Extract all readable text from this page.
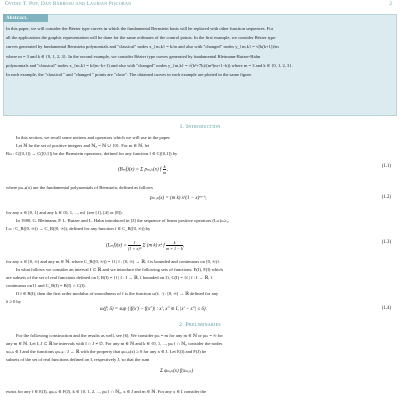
Ovidiu T. Pop, Dan Bărbosu and Laurian Pișcoran	2
Abstract.
In this paper, we will consider the Bézier type curves in which the fundamental Bernstein basis will be replaced with other function sequences. For
all the applications the graphic representation will be done for the same ordinates of the control points. In the first example, we consider Bézier type
curves generated by fundamental Bernstein polynomials and "classical" nodes x_{m,k} = k/m and also with "changed" nodes y_{m,k} = √(k(k+1))/m
where m = 3 and k ∈ {0, 1, 2, 3}. In the second example, we consider Bézier type curves generated by fundamental Bleimann-Butzer-Hahn
polynomials and "classical" nodes x_{m,k} = k/(m−k+1) and also with "changed" nodes y_{m,k} = √(k²+7k)/(m²(m+1−k)) where m = 3 and k ∈ {0, 1, 2, 3}.
In each example, the "classical " and "changed " points are "close". The obtained curves in each example are plotted in the same figure.
1. Introduction
In this section, we recall some notions and operators which we will use in the paper.
Let ℕ be the set of positive integers and ℕ₀ = ℕ ∪ {0}. For m ∈ ℕ, let
Bₘ : C([0,1]) → C([0,1]) be the Bernstein operators, defined for any function f ∈ C([0,1]) by
(Bₘf)(x) = Σ pₘ,ₖ(x) f $\frac{k}{m}$ ,
(1.1)
where pₘ,ₖ(x) are the fundamental polynomials of Bernstein, defined as follows
pₘ,ₖ(x) = (m k) xᵏ(1 − x)ᵐ⁻ᵏ,	(1.2)
for any x ∈ [0, 1] and any k ∈ {0, 1, ..., m} (see [1], [4] or [8]).
In 1980, G. Bleimann, P. L. Butzer and L. Hahn introduced in [3] the sequence of linear positive operators (Lₘ)ₘ≥₁,
Lₘ : C_B([0, ∞)) → C_B([0, ∞)), defined for any function f ∈ C_B([0, ∞)) by
$(L_mf)(x) = \frac{1}{\text{(1 + x)ᵐ}}$ Σ (m k) xᵏ f $\frac{k}{m + 1 - k}$ ,
(1.3)
for any x ∈ [0, ∞) and any m ∈ ℕ, where C_B([0, ∞)) = {f | f : [0, ∞) → ℝ, f is bounded and continuous on [0, ∞)}.
In what follows we consider an interval I ⊂ ℝ and we introduce the following sets of functions: E(I), F(I) which
are subsets of the set of real functions defined on I, B(I) = {f | f : I → ℝ, f bounded on I}, C(I) = {f | f : I → ℝ, f
continuous on I} and C_B(I) = B(I) ∩ C(I).
If f ∈ B(I), then the first order modulus of smoothness of f is the function ω(f; ·) : [0, ∞) → ℝ defined for any
δ ≥ 0 by
ω(f; δ) = sup {|f(x') − f(x'')| : x', x'' ∈ I, |x' − x''| ≤ δ}.	(1.4)
2. Preliminaries
For the following construction and the results as well, see [6]. We consider pₘ = m for any m ∈ ℕ or pₘ = ∞ for
any m ∈ ℕ. Let I, J ⊂ ℝ be intervals with I ∩ J ≠ ∅. For any m ∈ ℕ and k ∈ {0, 1, ..., pₘ} ∩ ℕ₀ consider the nodes
xₘ,ₖ ∈ I and the functions φₘ,ₖ : J → ℝ with the property that φₘ,ₖ(x) ≥ 0 for any x ∈ J. Let E(I) and F(J) be
subsets of the set of real functions defined on I, respectively J, so that the sum
Σ φₘ,ₖ(x) f(xₘ,ₖ)
exists for any f ∈ E(I), φₘ,ₖ ∈ F(J), k ∈ {0, 1, 2, ..., pₘ} ∩ ℕ₀, x ∈ J and m ∈ ℕ. For any x ∈ I consider the
